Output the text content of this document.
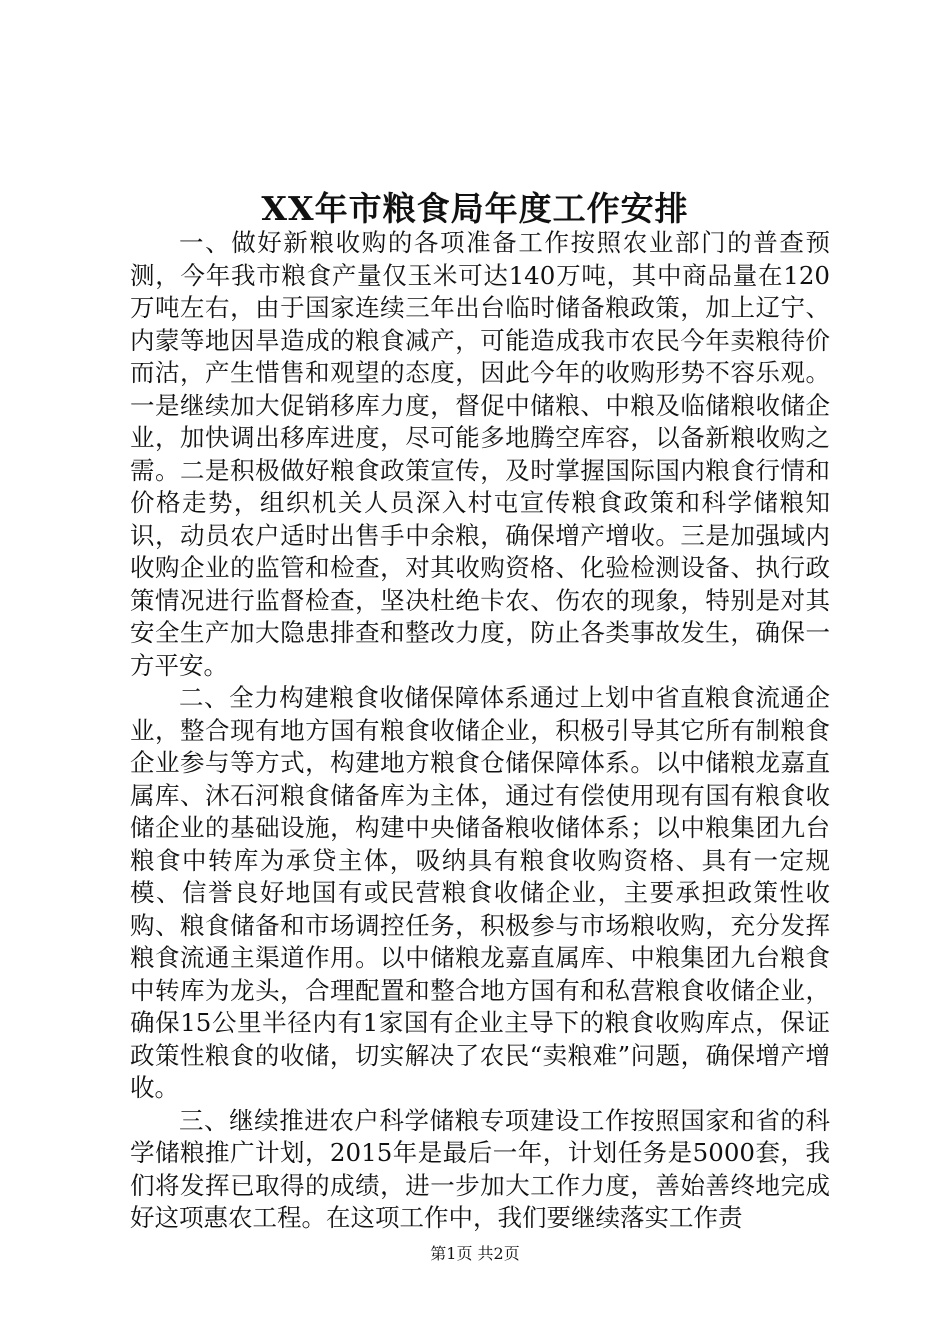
XX年市粮食局年度工作安排

一、做好新粮收购的各项准备工作按照农业部门的普查预测，今年我市粮食产量仅玉米可达140万吨，其中商品量在120万吨左右，由于国家连续三年出台临时储备粮政策，加上辽宁、内蒙等地因旱造成的粮食减产，可能造成我市农民今年卖粮待价而沽，产生惜售和观望的态度，因此今年的收购形势不容乐观。一是继续加大促销移库力度，督促中储粮、中粮及临储粮收储企业，加快调出移库进度，尽可能多地腾空库容，以备新粮收购之需。二是积极做好粮食政策宣传，及时掌握国际国内粮食行情和价格走势，组织机关人员深入村屯宣传粮食政策和科学储粮知识，动员农户适时出售手中余粮，确保增产增收。三是加强域内收购企业的监管和检查，对其收购资格、化验检测设备、执行政策情况进行监督检查，坚决杜绝卡农、伤农的现象，特别是对其安全生产加大隐患排查和整改力度，防止各类事故发生，确保一方平安。

二、全力构建粮食收储保障体系通过上划中省直粮食流通企业，整合现有地方国有粮食收储企业，积极引导其它所有制粮食企业参与等方式，构建地方粮食仓储保障体系。以中储粮龙嘉直属库、沐石河粮食储备库为主体，通过有偿使用现有国有粮食收储企业的基础设施，构建中央储备粮收储体系；以中粮集团九台粮食中转库为承贷主体，吸纳具有粮食收购资格、具有一定规模、信誉良好地国有或民营粮食收储企业，主要承担政策性收购、粮食储备和市场调控任务，积极参与市场粮收购，充分发挥粮食流通主渠道作用。以中储粮龙嘉直属库、中粮集团九台粮食中转库为龙头，合理配置和整合地方国有和私营粮食收储企业，确保15公里半径内有1家国有企业主导下的粮食收购库点，保证政策性粮食的收储，切实解决了农民“卖粮难”问题，确保增产增收。

三、继续推进农户科学储粮专项建设工作按照国家和省的科学储粮推广计划，2015年是最后一年，计划任务是5000套，我们将发挥已取得的成绩，进一步加大工作力度，善始善终地完成好这项惠农工程。在这项工作中，我们要继续落实工作责

第1页 共2页
